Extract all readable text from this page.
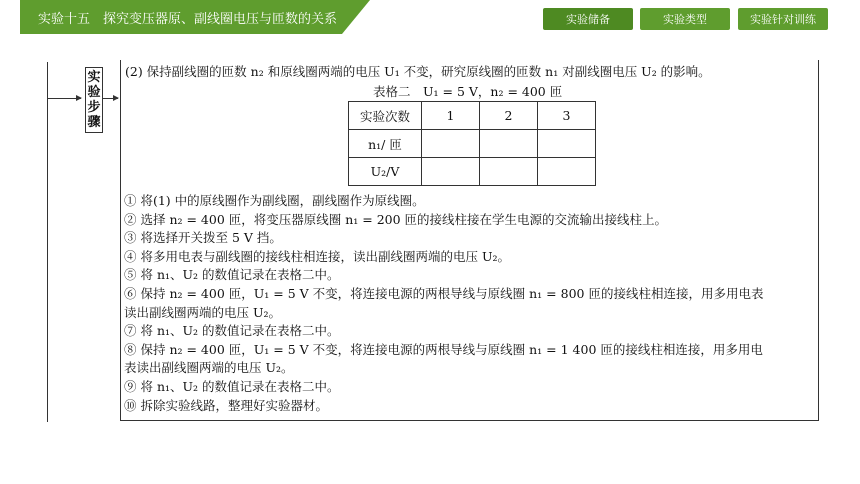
实验十五　探究变压器原、副线圈电压与匝数的关系	实验储备	实验类型	实验针对训练
实验步骤
(2) 保持副线圈的匝数 n₂ 和原线圈两端的电压 U₁ 不变，研究原线圈的匝数 n₁ 对副线圈电压 U₂ 的影响。
表格二　U₁ = 5 V，n₂ = 400 匝
实验次数	1	2	3
n₁/ 匝			
U₂/V			
① 将(1) 中的原线圈作为副线圈，副线圈作为原线圈。
② 选择 n₂ = 400 匝，将变压器原线圈 n₁ = 200 匝的接线柱接在学生电源的交流输出接线柱上。
③ 将选择开关拨至 5 V 挡。
④ 将多用电表与副线圈的接线柱相连接，读出副线圈两端的电压 U₂。
⑤ 将 n₁、U₂ 的数值记录在表格二中。
⑥ 保持 n₂ = 400 匝，U₁ = 5 V 不变，将连接电源的两根导线与原线圈 n₁ = 800 匝的接线柱相连接，用多用电表
读出副线圈两端的电压 U₂。
⑦ 将 n₁、U₂ 的数值记录在表格二中。
⑧ 保持 n₂ = 400 匝，U₁ = 5 V 不变，将连接电源的两根导线与原线圈 n₁ = 1 400 匝的接线柱相连接，用多用电
表读出副线圈两端的电压 U₂。
⑨ 将 n₁、U₂ 的数值记录在表格二中。
⑩ 拆除实验线路，整理好实验器材。
